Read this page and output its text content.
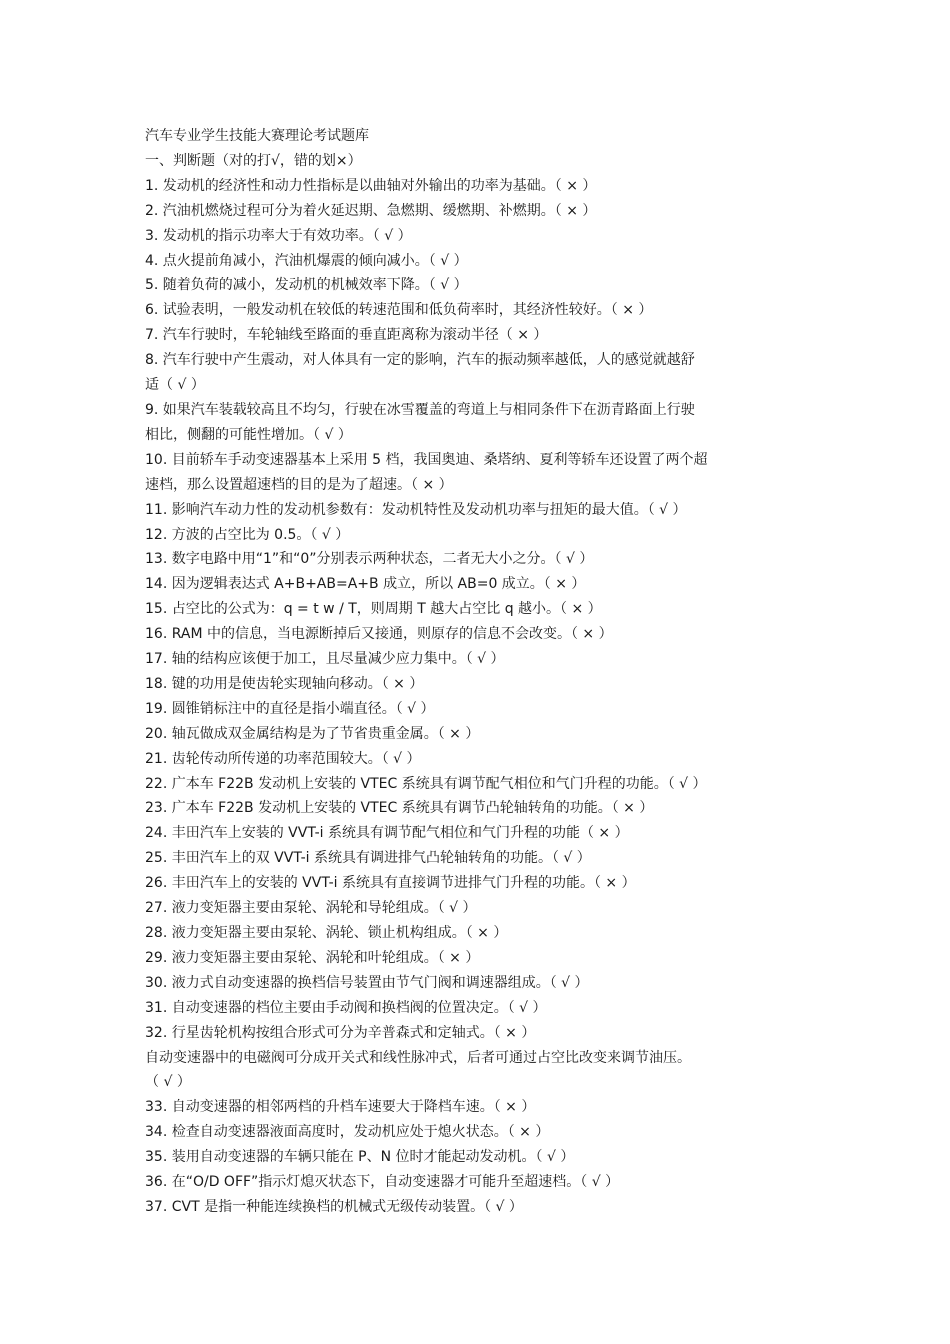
汽车专业学生技能大赛理论考试题库
一、判断题（对的打√，错的划×）
1. 发动机的经济性和动力性指标是以曲轴对外输出的功率为基础。（ × ）
2. 汽油机燃烧过程可分为着火延迟期、急燃期、缓燃期、补燃期。（ × ）
3. 发动机的指示功率大于有效功率。（ √ ）
4. 点火提前角减小，汽油机爆震的倾向减小。（ √ ）
5. 随着负荷的减小，发动机的机械效率下降。（ √ ）
6. 试验表明，一般发动机在较低的转速范围和低负荷率时，其经济性较好。（ × ）
7. 汽车行驶时，车轮轴线至路面的垂直距离称为滚动半径（ × ）
8. 汽车行驶中产生震动，对人体具有一定的影响，汽车的振动频率越低，人的感觉就越舒
适（ √ ）
9. 如果汽车装载较高且不均匀，行驶在冰雪覆盖的弯道上与相同条件下在沥青路面上行驶
相比，侧翻的可能性增加。（ √ ）
10. 目前轿车手动变速器基本上采用 5 档，我国奥迪、桑塔纳、夏利等轿车还设置了两个超
速档，那么设置超速档的目的是为了超速。（ × ）
11. 影响汽车动力性的发动机参数有：发动机特性及发动机功率与扭矩的最大值。（ √ ）
12. 方波的占空比为 0.5。（ √ ）
13. 数字电路中用“1”和“0”分别表示两种状态，二者无大小之分。（ √ ）
14. 因为逻辑表达式 A+B+AB=A+B 成立，所以 AB=0 成立。（ × ）
15. 占空比的公式为：q = t w / T，则周期 T 越大占空比 q 越小。（ × ）
16. RAM 中的信息，当电源断掉后又接通，则原存的信息不会改变。（ × ）
17. 轴的结构应该便于加工，且尽量减少应力集中。（ √ ）
18. 键的功用是使齿轮实现轴向移动。（ × ）
19. 圆锥销标注中的直径是指小端直径。（ √ ）
20. 轴瓦做成双金属结构是为了节省贵重金属。（ × ）
21. 齿轮传动所传递的功率范围较大。（ √ ）
22. 广本车 F22B 发动机上安装的 VTEC 系统具有调节配气相位和气门升程的功能。（ √ ）
23. 广本车 F22B 发动机上安装的 VTEC 系统具有调节凸轮轴转角的功能。（ × ）
24. 丰田汽车上安装的 VVT-i 系统具有调节配气相位和气门升程的功能（ × ）
25. 丰田汽车上的双 VVT-i 系统具有调进排气凸轮轴转角的功能。（ √ ）
26. 丰田汽车上的安装的 VVT-i 系统具有直接调节进排气门升程的功能。（ × ）
27. 液力变矩器主要由泵轮、涡轮和导轮组成。（ √ ）
28. 液力变矩器主要由泵轮、涡轮、锁止机构组成。（ × ）
29. 液力变矩器主要由泵轮、涡轮和叶轮组成。（ × ）
30. 液力式自动变速器的换档信号装置由节气门阀和调速器组成。（ √ ）
31. 自动变速器的档位主要由手动阀和换档阀的位置决定。（ √ ）
32. 行星齿轮机构按组合形式可分为辛普森式和定轴式。（ × ）
自动变速器中的电磁阀可分成开关式和线性脉冲式，后者可通过占空比改变来调节油压。
（ √ ）
33. 自动变速器的相邻两档的升档车速要大于降档车速。（ × ）
34. 检查自动变速器液面高度时，发动机应处于熄火状态。（ × ）
35. 装用自动变速器的车辆只能在 P、N 位时才能起动发动机。（ √ ）
36. 在“O/D OFF”指示灯熄灭状态下，自动变速器才可能升至超速档。（ √ ）
37. CVT 是指一种能连续换档的机械式无级传动装置。（ √ ）
